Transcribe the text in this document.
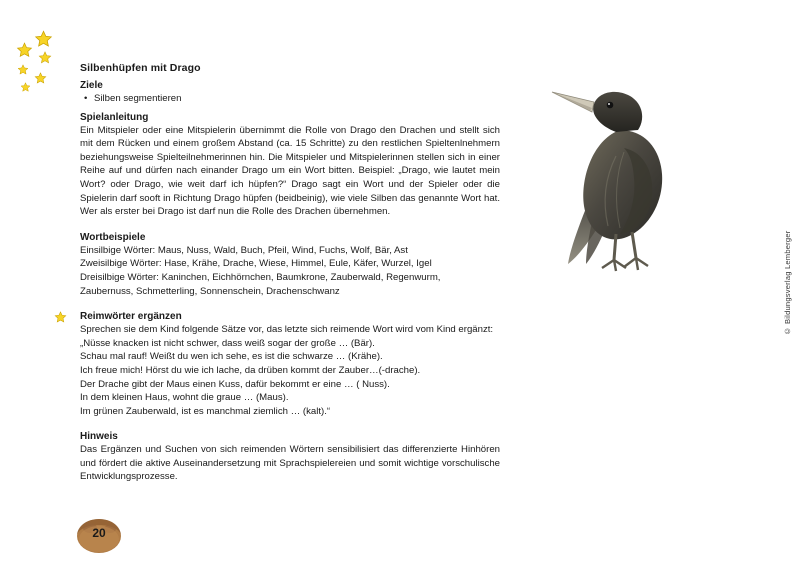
Silbenhüpfen mit Drago
Ziele
• Silben segmentieren
Spielanleitung

Ein Mitspieler oder eine Mitspielerin übernimmt die Rolle von Drago den Drachen und stellt sich mit dem Rücken und einem großem Abstand (ca. 15 Schritte) zu den restlichen Spieltenlnehmern beziehungsweise Spielteilnehmerinnen hin. Die Mitspieler und Mitspielerinnen stellen sich in einer Reihe auf und dürfen nach einander Drago um ein Wort bitten. Beispiel: „Drago, wie lautet mein Wort? oder Drago, wie weit darf ich hüpfen?“ Drago sagt ein Wort und der Spieler oder die Spielerin darf sooft in Richtung Drago hüpfen (beidbeinig), wie viele Silben das genannte Wort hat. Wer als erster bei Drago ist darf nun die Rolle des Drachen übernehmen.

Wortbeispiele
Einsilbige Wörter: Maus, Nuss, Wald, Buch, Pfeil, Wind, Fuchs, Wolf, Bär, Ast
Zweisilbige Wörter: Hase, Krähe, Drache, Wiese, Himmel, Eule, Käfer, Wurzel, Igel
Dreisilbige Wörter: Kaninchen, Eichhörnchen, Baumkrone, Zauberwald, Regenwurm,
Zaubernuss, Schmetterling, Sonnenschein, Drachenschwanz
Reimwörter ergänzen
Sprechen sie dem Kind folgende Sätze vor, das letzte sich reimende Wort wird vom Kind ergänzt:
„Nüsse knacken ist nicht schwer, dass weiß sogar der große … (Bär).
Schau mal rauf! Weißt du wen ich sehe, es ist die schwarze … (Krähe).
Ich freue mich! Hörst du wie ich lache, da drüben kommt der Zauber…(-drache).
Der Drache gibt der Maus einen Kuss, dafür bekommt er eine … ( Nuss).
In dem kleinen Haus, wohnt die graue … (Maus).
Im grünen Zauberwald, ist es manchmal ziemlich … (kalt).“
Hinweis

Das Ergänzen und Suchen von sich reimenden Wörtern sensibilisiert das differenzierte Hinhören und fördert die aktive Auseinandersetzung mit Sprachspielereien und somit wichtige vorschulische Entwicklungsprozesse.

20
© Bildungsverlag Lemberger
